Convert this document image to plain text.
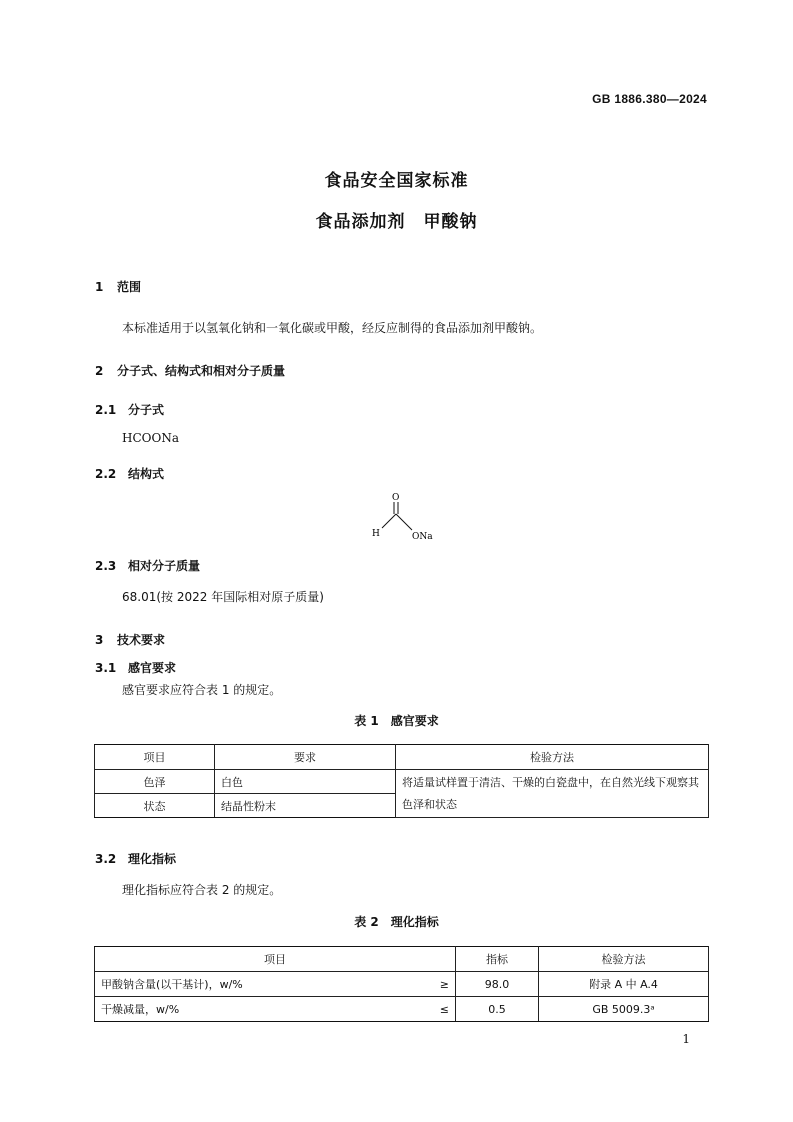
GB 1886.380—2024
食品安全国家标准
食品添加剂　甲酸钠
1 范围
本标准适用于以氢氧化钠和一氧化碳或甲酸，经反应制得的食品添加剂甲酸钠。
2 分子式、结构式和相对分子质量
2.1 分子式
HCOONa
2.2 结构式
O
H	ONa
2.3 相对分子质量
68.01(按 2022 年国际相对原子质量)
3 技术要求
3.1 感官要求
感官要求应符合表 1 的规定。
表 1　感官要求
项目	要求	检验方法
色泽	白色	将适量试样置于清洁、干燥的白瓷盘中，在自然光线下观察其色泽和状态
状态	结晶性粉末	
3.2 理化指标
理化指标应符合表 2 的规定。
表 2　理化指标
项目		指标	检验方法
甲酸钠含量(以干基计)，w/%	≥	98.0	附录 A 中 A.4
干燥减量，w/%	≤	0.5	GB 5009.3ᵃ
1
